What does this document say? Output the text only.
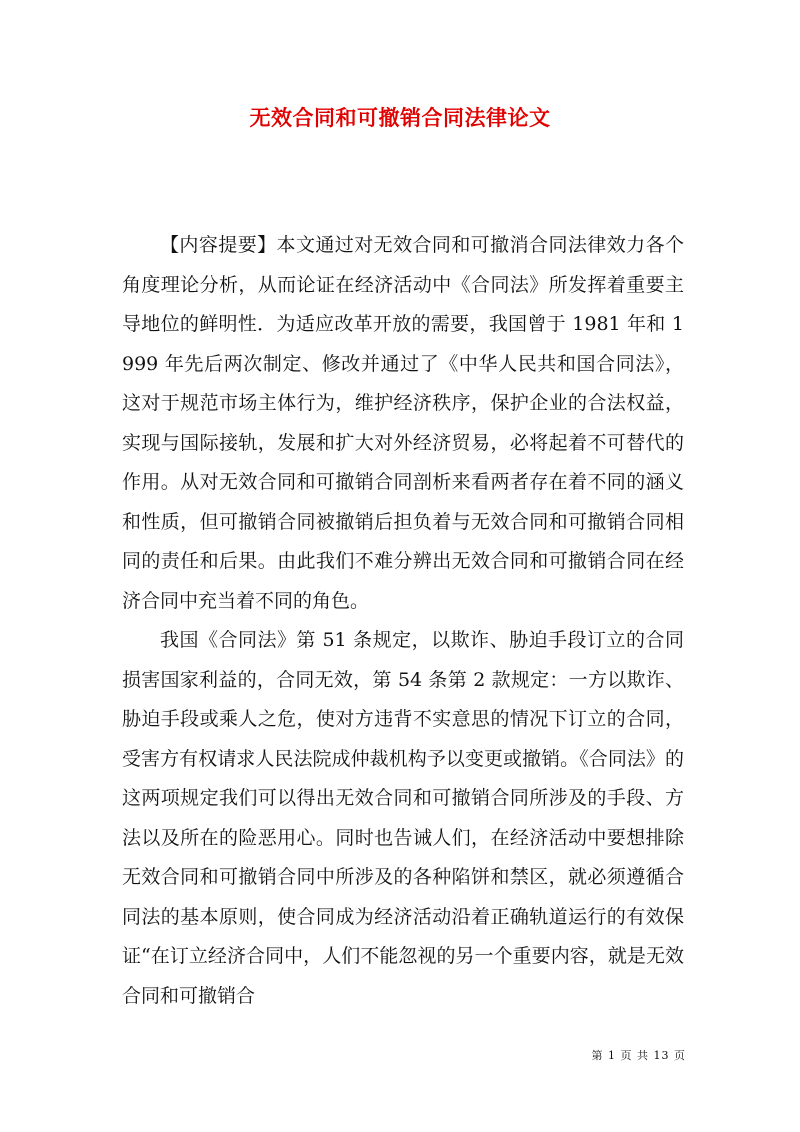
无效合同和可撤销合同法律论文

【内容提要】本文通过对无效合同和可撤消合同法律效力各个角度理论分析，从而论证在经济活动中《合同法》所发挥着重要主导地位的鲜明性．为适应改革开放的需要，我国曾于 1981 年和 1999 年先后两次制定、修改并通过了《中华人民共和国合同法》，这对于规范市场主体行为，维护经济秩序，保护企业的合法权益，实现与国际接轨，发展和扩大对外经济贸易，必将起着不可替代的作用。从对无效合同和可撤销合同剖析来看两者存在着不同的涵义和性质，但可撤销合同被撤销后担负着与无效合同和可撤销合同相同的责任和后果。由此我们不难分辨出无效合同和可撤销合同在经济合同中充当着不同的角色。

我国《合同法》第 51 条规定，以欺诈、胁迫手段订立的合同损害国家利益的，合同无效，第 54 条第 2 款规定：一方以欺诈、胁迫手段或乘人之危，使对方违背不实意思的情况下订立的合同，受害方有权请求人民法院成仲裁机构予以变更或撤销。《合同法》的这两项规定我们可以得出无效合同和可撤销合同所涉及的手段、方法以及所在的险恶用心。同时也告诫人们，在经济活动中要想排除无效合同和可撤销合同中所涉及的各种陷饼和禁区，就必须遵循合同法的基本原则，使合同成为经济活动沿着正确轨道运行的有效保证“在订立经济合同中，人们不能忽视的另一个重要内容，就是无效合同和可撤销合

第 1 页 共 13 页
